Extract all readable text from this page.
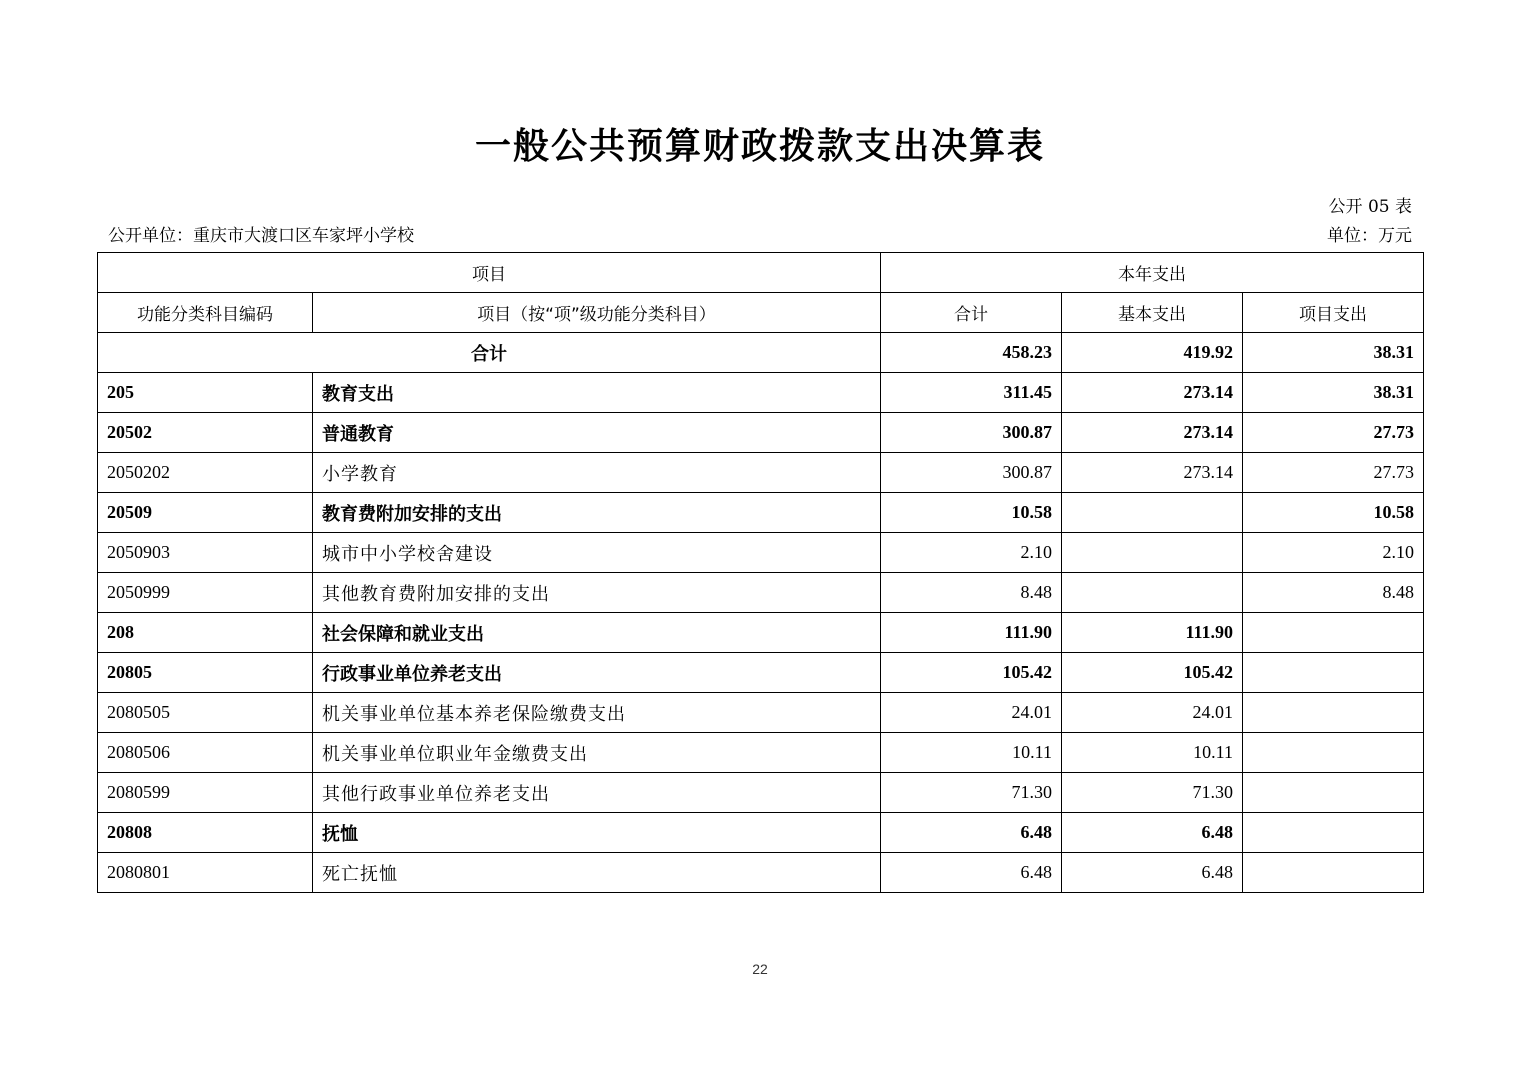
一般公共预算财政拨款支出决算表
公开 05 表
公开单位：重庆市大渡口区车家坪小学校	单位：万元
项目		本年支出		
功能分类科目编码	项目（按“项”级功能分类科目）	合计	基本支出	项目支出
合计		458.23	419.92	38.31
205	教育支出	311.45	273.14	38.31
20502	普通教育	300.87	273.14	27.73
2050202	小学教育	300.87	273.14	27.73
20509	教育费附加安排的支出	10.58		10.58
2050903	城市中小学校舍建设	2.10		2.10
2050999	其他教育费附加安排的支出	8.48		8.48
208	社会保障和就业支出	111.90	111.90	
20805	行政事业单位养老支出	105.42	105.42	
2080505	机关事业单位基本养老保险缴费支出	24.01	24.01	
2080506	机关事业单位职业年金缴费支出	10.11	10.11	
2080599	其他行政事业单位养老支出	71.30	71.30	
20808	抚恤	6.48	6.48	
2080801	死亡抚恤	6.48	6.48	
22
